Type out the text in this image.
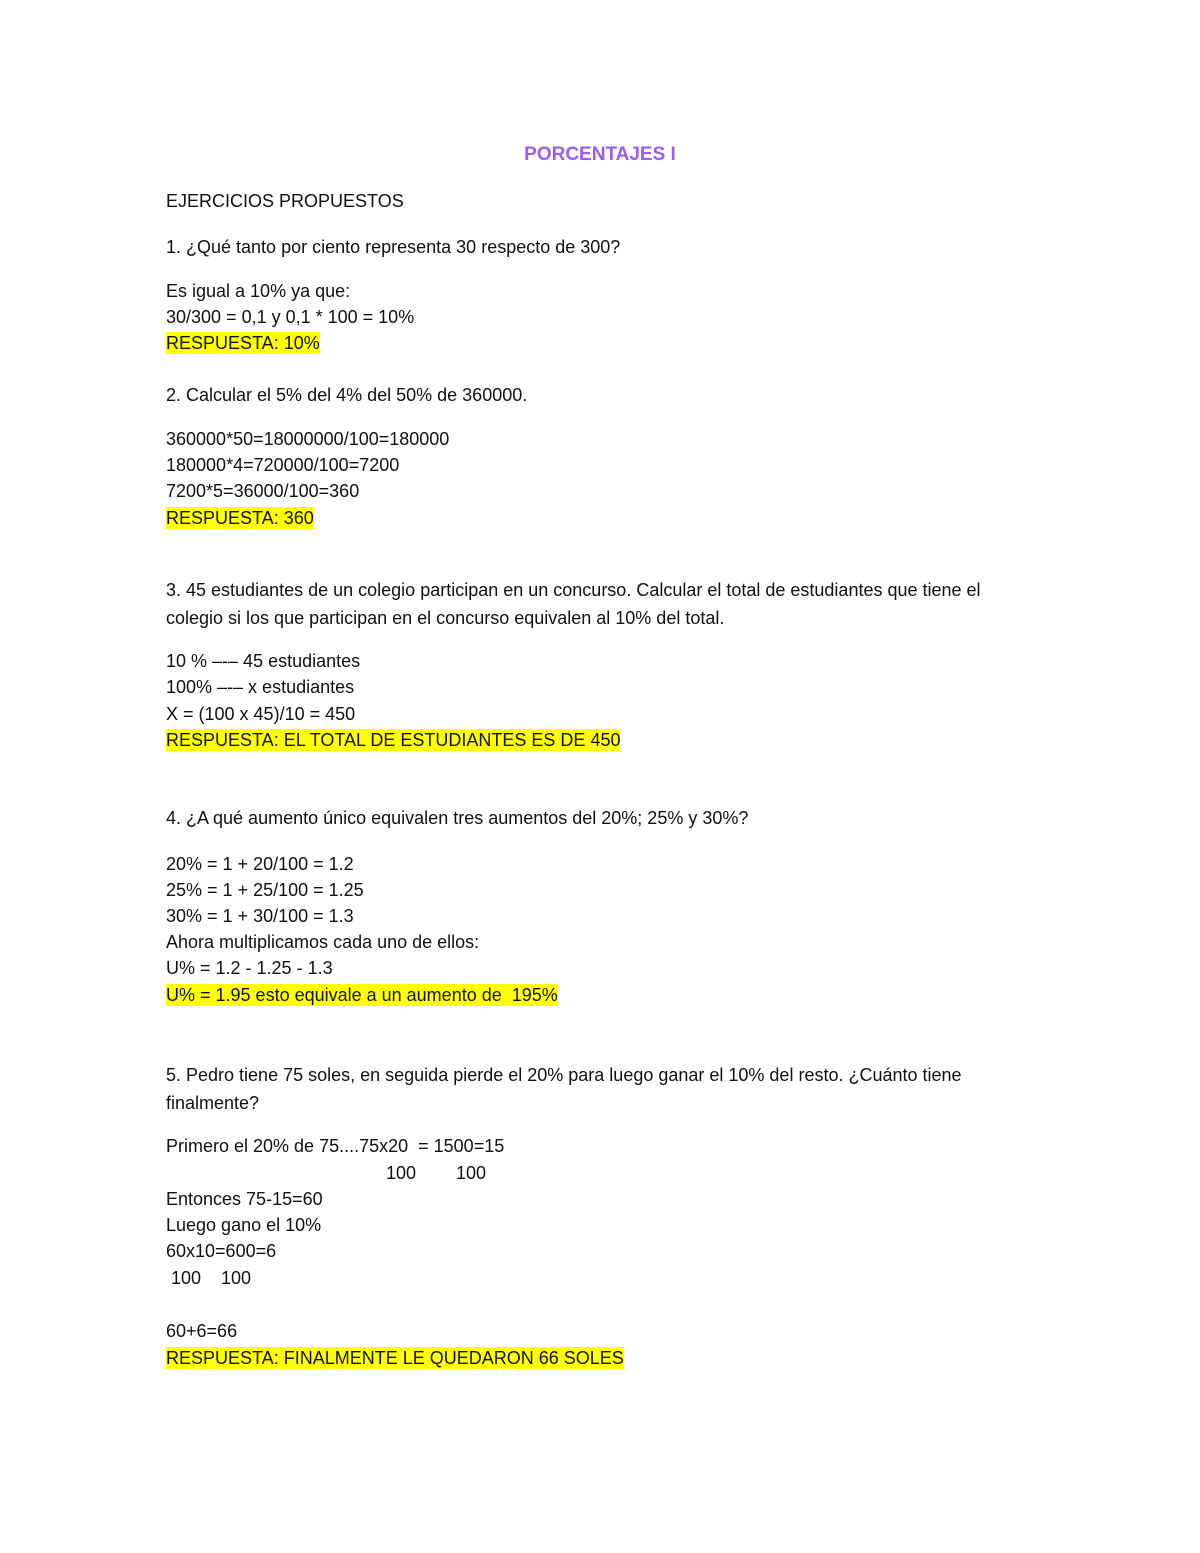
PORCENTAJES I
EJERCICIOS PROPUESTOS
1. ¿Qué tanto por ciento representa 30 respecto de 300?
Es igual a 10% ya que:
30/300 = 0,1 y 0,1 * 100 = 10%
RESPUESTA: 10%
2. Calcular el 5% del 4% del 50% de 360000.
360000*50=18000000/100=180000
180000*4=720000/100=7200
7200*5=36000/100=360
RESPUESTA: 360
3. 45 estudiantes de un colegio participan en un concurso. Calcular el total de estudiantes que tiene el colegio si los que participan en el concurso equivalen al 10% del total.
10 % –-– 45 estudiantes
100% –-– x estudiantes
X = (100 x 45)/10 = 450
RESPUESTA: EL TOTAL DE ESTUDIANTES ES DE 450
4. ¿A qué aumento único equivalen tres aumentos del 20%; 25% y 30%?
20% = 1 + 20/100 = 1.2
25% = 1 + 25/100 = 1.25
30% = 1 + 30/100 = 1.3
Ahora multiplicamos cada uno de ellos:
U% = 1.2 - 1.25 - 1.3
U% = 1.95 esto equivale a un aumento de  195%
5. Pedro tiene 75 soles, en seguida pierde el 20% para luego ganar el 10% del resto. ¿Cuánto tiene finalmente?
Primero el 20% de 75....75x20  = 1500=15
100        100
Entonces 75-15=60
Luego gano el 10%
60x10=600=6
100    100
60+6=66
RESPUESTA: FINALMENTE LE QUEDARON 66 SOLES
